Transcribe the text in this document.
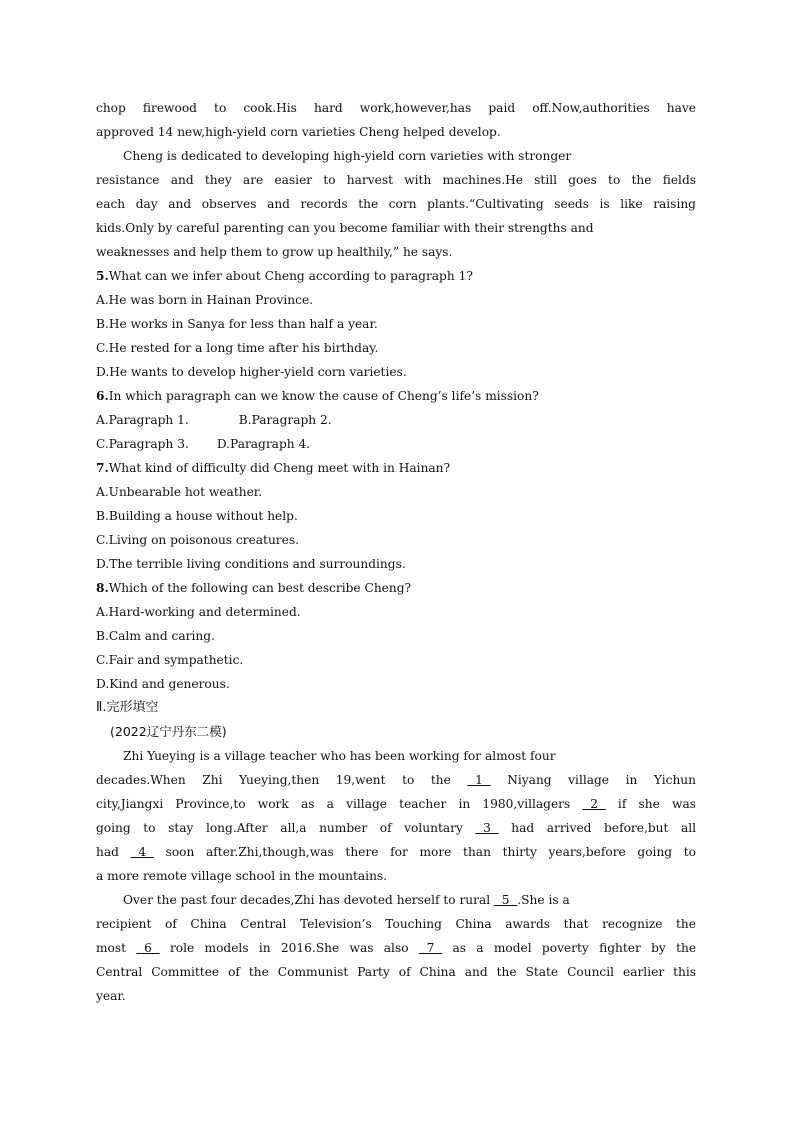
chop firewood to cook.His hard work,however,has paid off.Now,authorities have
approved 14 new,high-yield corn varieties Cheng helped develop.
Cheng is dedicated to developing high-yield corn varieties with stronger
resistance and they are easier to harvest with machines.He still goes to the fields
each day and observes and records the corn plants.“Cultivating seeds is like raising
kids.Only by careful parenting can you become familiar with their strengths and
weaknesses and help them to grow up healthily,” he says.
5.What can we infer about Cheng according to paragraph 1?
A.He was born in Hainan Province.
B.He works in Sanya for less than half a year.
C.He rested for a long time after his birthday.
D.He wants to develop higher-yield corn varieties.
6.In which paragraph can we know the cause of Cheng’s life’s mission?
A.Paragraph 1.	B.Paragraph 2.
C.Paragraph 3. D.Paragraph 4.
7.What kind of difficulty did Cheng meet with in Hainan?
A.Unbearable hot weather.
B.Building a house without help.
C.Living on poisonous creatures.
D.The terrible living conditions and surroundings.
8.Which of the following can best describe Cheng?
A.Hard-working and determined.
B.Calm and caring.
C.Fair and sympathetic.
D.Kind and generous.
Ⅱ.完形填空
(2022辽宁丹东二模)
Zhi Yueying is a village teacher who has been working for almost four
decades.When Zhi Yueying,then 19,went to the   1   Niyang village in Yichun
city,Jiangxi Province,to work as a village teacher in 1980,villagers   2   if she was
going to stay long.After all,a number of voluntary   3   had arrived before,but all
had   4   soon after.Zhi,though,was there for more than thirty years,before going to
a more remote village school in the mountains.
Over the past four decades,Zhi has devoted herself to rural   5  .She is a
recipient of China Central Television’s Touching China awards that recognize the
most   6   role models in 2016.She was also   7   as a model poverty fighter by the
Central Committee of the Communist Party of China and the State Council earlier this
year.
